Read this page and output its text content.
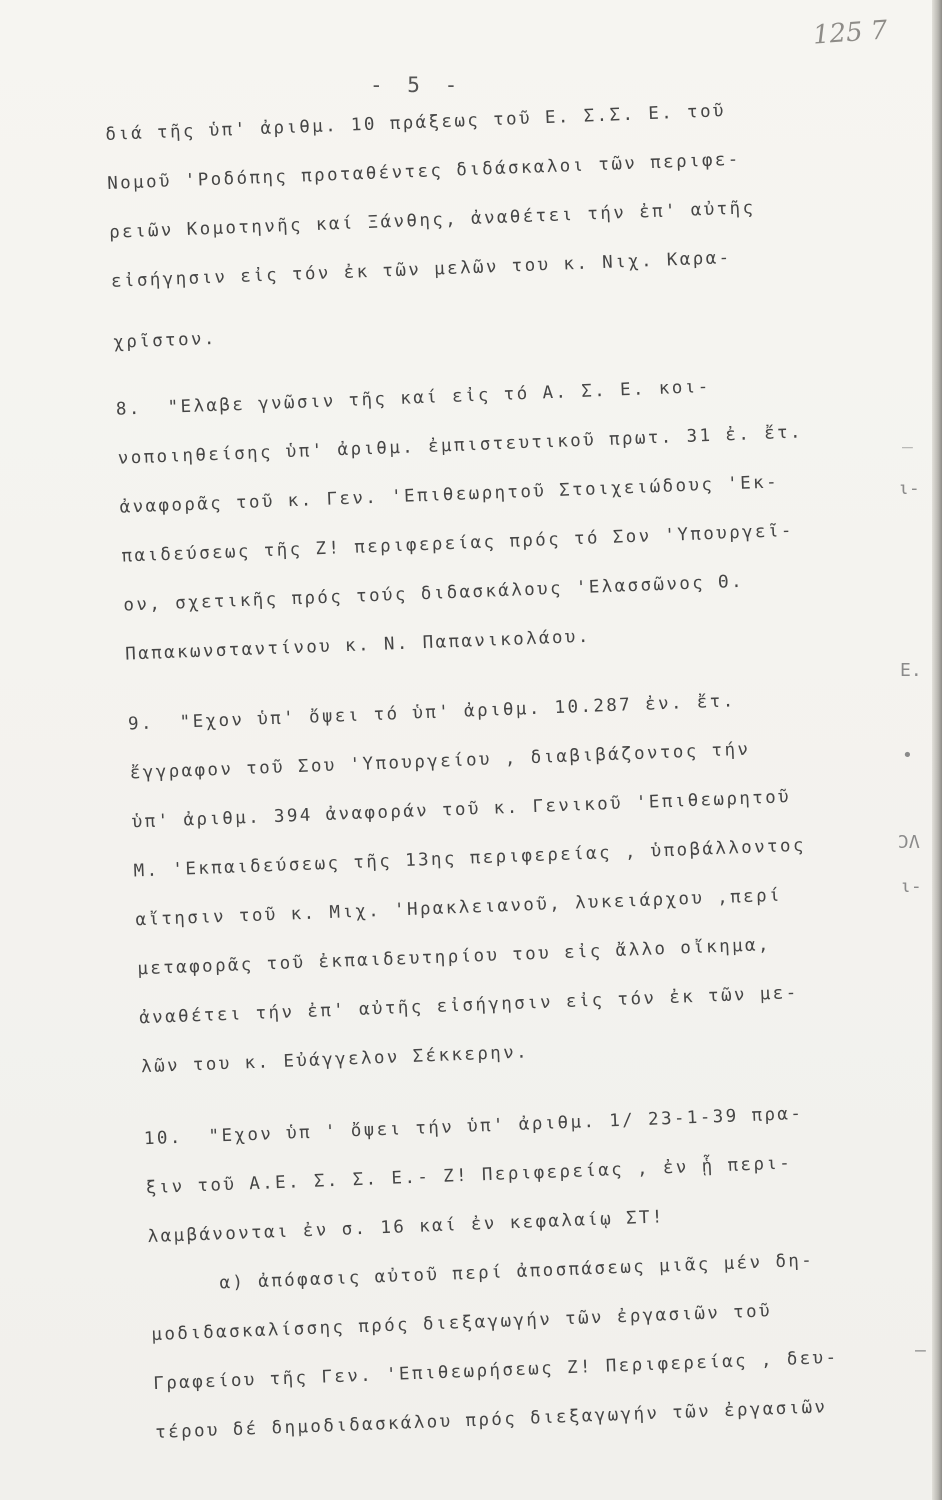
125 7
- 5 -
διά τῆς ὑπ' ἀριθμ. 10 πράξεως τοῦ Ε. Σ.Σ. Ε. τοῦ
Νομοῦ 'Ροδόπης προταθέντες διδάσκαλοι τῶν περιφε-
ρειῶν Κομοτηνῆς καί Ξάνθης, ἀναθέτει τήν ἐπ' αὐτῆς
εἰσήγησιν εἰς τόν ἐκ τῶν μελῶν του κ. Νιχ. Καρα-
χρῖστον.
8.  "Ελαβε γνῶσιν τῆς καί εἰς τό Α. Σ. Ε. κοι-
νοποιηθείσης ὑπ' ἀριθμ. ἐμπιστευτικοῦ πρωτ. 31 ἐ. ἔτ.
ἀναφορᾶς τοῦ κ. Γεν. 'Επιθεωρητοῦ Στοιχειώδους 'Εκ-
παιδεύσεως τῆς Ζ! περιφερείας πρός τό Σον 'Υπουργεῖ-
ον, σχετικῆς πρός τούς διδασκάλους 'Ελασσῶνος Θ.
Παπακωνσταντίνου κ. Ν. Παπανικολάου.
9.  "Εχον ὑπ' ὄψει τό ὑπ' ἀριθμ. 10.287 ἐν. ἔτ.
ἔγγραφον τοῦ Σου 'Υπουργείου , διαβιβάζοντος τήν
ὑπ' ἀριθμ. 394 ἀναφοράν τοῦ κ. Γενικοῦ 'Επιθεωρητοῦ
Μ. 'Εκπαιδεύσεως τῆς 13ης περιφερείας , ὑποβάλλοντος
αἴτησιν τοῦ κ. Μιχ. 'Ηρακλειανοῦ, λυκειάρχου ,περί
μεταφορᾶς τοῦ ἐκπαιδευτηρίου του εἰς ἄλλο οἴκημα,
ἀναθέτει τήν ἐπ' αὐτῆς εἰσήγησιν εἰς τόν ἐκ τῶν με-
λῶν του κ. Εὐάγγελον Σέκκερην.
10.  "Εχον ὑπ ' ὄψει τήν ὑπ' ἀριθμ. 1/ 23-1-39 πρα-
ξιν τοῦ Α.Ε. Σ. Σ. Ε.- Ζ! Περιφερείας , ἐν ᾗ περι-
λαμβάνονται ἐν σ. 16 καί ἐν κεφαλαίῳ ΣΤ!
α) ἀπόφασις αὐτοῦ περί ἀποσπάσεως μιᾶς μέν δη-
μοδιδασκαλίσσης πρός διεξαγωγήν τῶν ἐργασιῶν τοῦ
Γραφείου τῆς Γεν. 'Επιθεωρήσεως Ζ! Περιφερείας , δευ-
τέρου δέ δημοδιδασκάλου πρός διεξαγωγήν τῶν ἐργασιῶν
_
ι-
Ε.
•
ϽΛ
ι-
—
